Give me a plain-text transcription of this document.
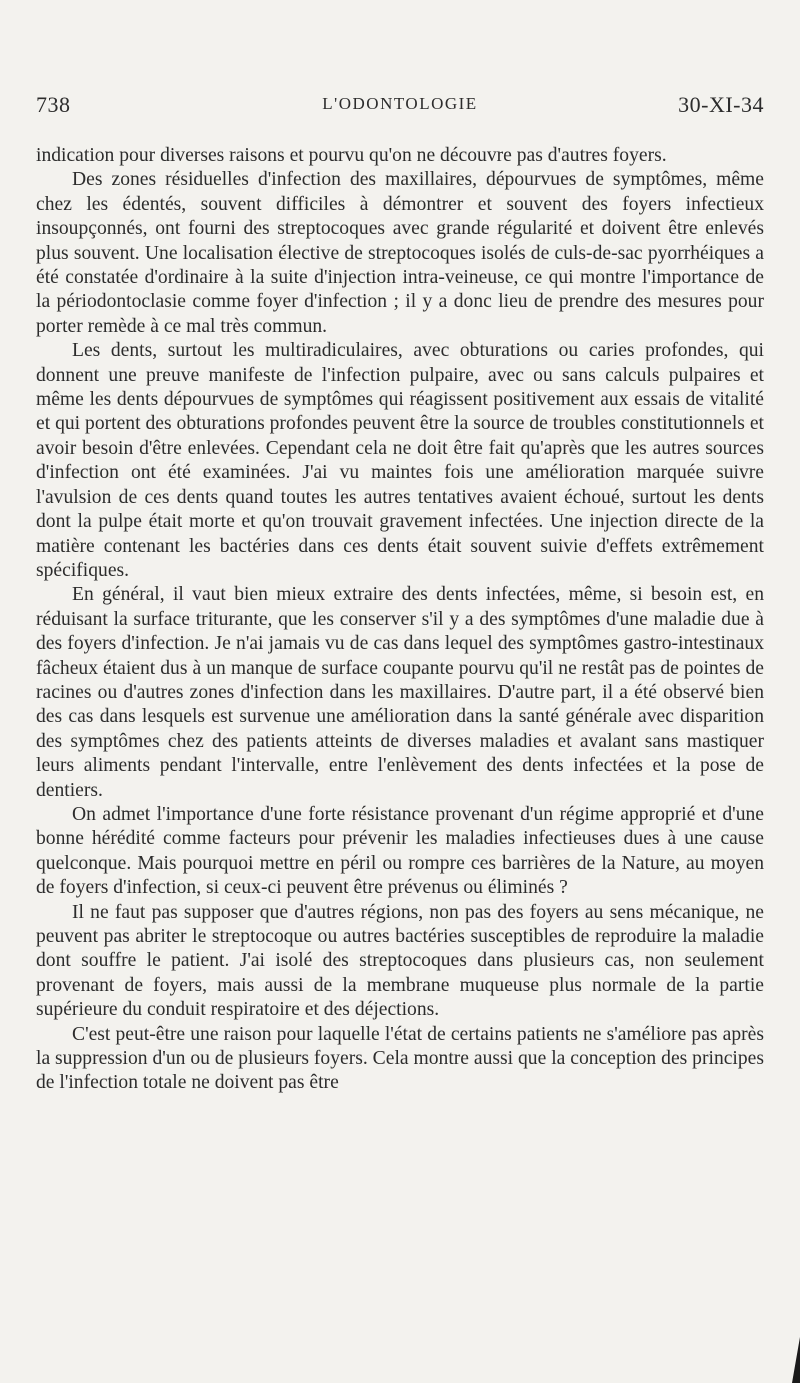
738	L'ODONTOLOGIE	30-XI-34

indication pour diverses raisons et pourvu qu'on ne découvre pas d'autres foyers.

Des zones résiduelles d'infection des maxillaires, dépourvues de symptômes, même chez les édentés, souvent difficiles à démontrer et souvent des foyers infectieux insoupçonnés, ont fourni des streptocoques avec grande régularité et doivent être enlevés plus souvent. Une localisation élective de streptocoques isolés de culs-de-sac pyorrhéiques a été constatée d'ordinaire à la suite d'injection intra-veineuse, ce qui montre l'importance de la périodontoclasie comme foyer d'infection ; il y a donc lieu de prendre des mesures pour porter remède à ce mal très commun.

Les dents, surtout les multiradiculaires, avec obturations ou caries profondes, qui donnent une preuve manifeste de l'infection pulpaire, avec ou sans calculs pulpaires et même les dents dépourvues de symptômes qui réagissent positivement aux essais de vitalité et qui portent des obturations profondes peuvent être la source de troubles constitutionnels et avoir besoin d'être enlevées. Cependant cela ne doit être fait qu'après que les autres sources d'infection ont été examinées. J'ai vu maintes fois une amélioration marquée suivre l'avulsion de ces dents quand toutes les autres tentatives avaient échoué, surtout les dents dont la pulpe était morte et qu'on trouvait gravement infectées. Une injection directe de la matière contenant les bactéries dans ces dents était souvent suivie d'effets extrêmement spécifiques.

En général, il vaut bien mieux extraire des dents infectées, même, si besoin est, en réduisant la surface triturante, que les conserver s'il y a des symptômes d'une maladie due à des foyers d'infection. Je n'ai jamais vu de cas dans lequel des symptômes gastro-intestinaux fâcheux étaient dus à un manque de surface coupante pourvu qu'il ne restât pas de pointes de racines ou d'autres zones d'infection dans les maxillaires. D'autre part, il a été observé bien des cas dans lesquels est survenue une amélioration dans la santé générale avec disparition des symptômes chez des patients atteints de diverses maladies et avalant sans mastiquer leurs aliments pendant l'intervalle, entre l'enlèvement des dents infectées et la pose de dentiers.

On admet l'importance d'une forte résistance provenant d'un régime approprié et d'une bonne hérédité comme facteurs pour prévenir les maladies infectieuses dues à une cause quelconque. Mais pourquoi mettre en péril ou rompre ces barrières de la Nature, au moyen de foyers d'infection, si ceux-ci peuvent être prévenus ou éliminés ?

Il ne faut pas supposer que d'autres régions, non pas des foyers au sens mécanique, ne peuvent pas abriter le streptocoque ou autres bactéries susceptibles de reproduire la maladie dont souffre le patient. J'ai isolé des streptocoques dans plusieurs cas, non seulement provenant de foyers, mais aussi de la membrane muqueuse plus normale de la partie supérieure du conduit respiratoire et des déjections.

C'est peut-être une raison pour laquelle l'état de certains patients ne s'améliore pas après la suppression d'un ou de plusieurs foyers. Cela montre aussi que la conception des principes de l'infection totale ne doivent pas être
